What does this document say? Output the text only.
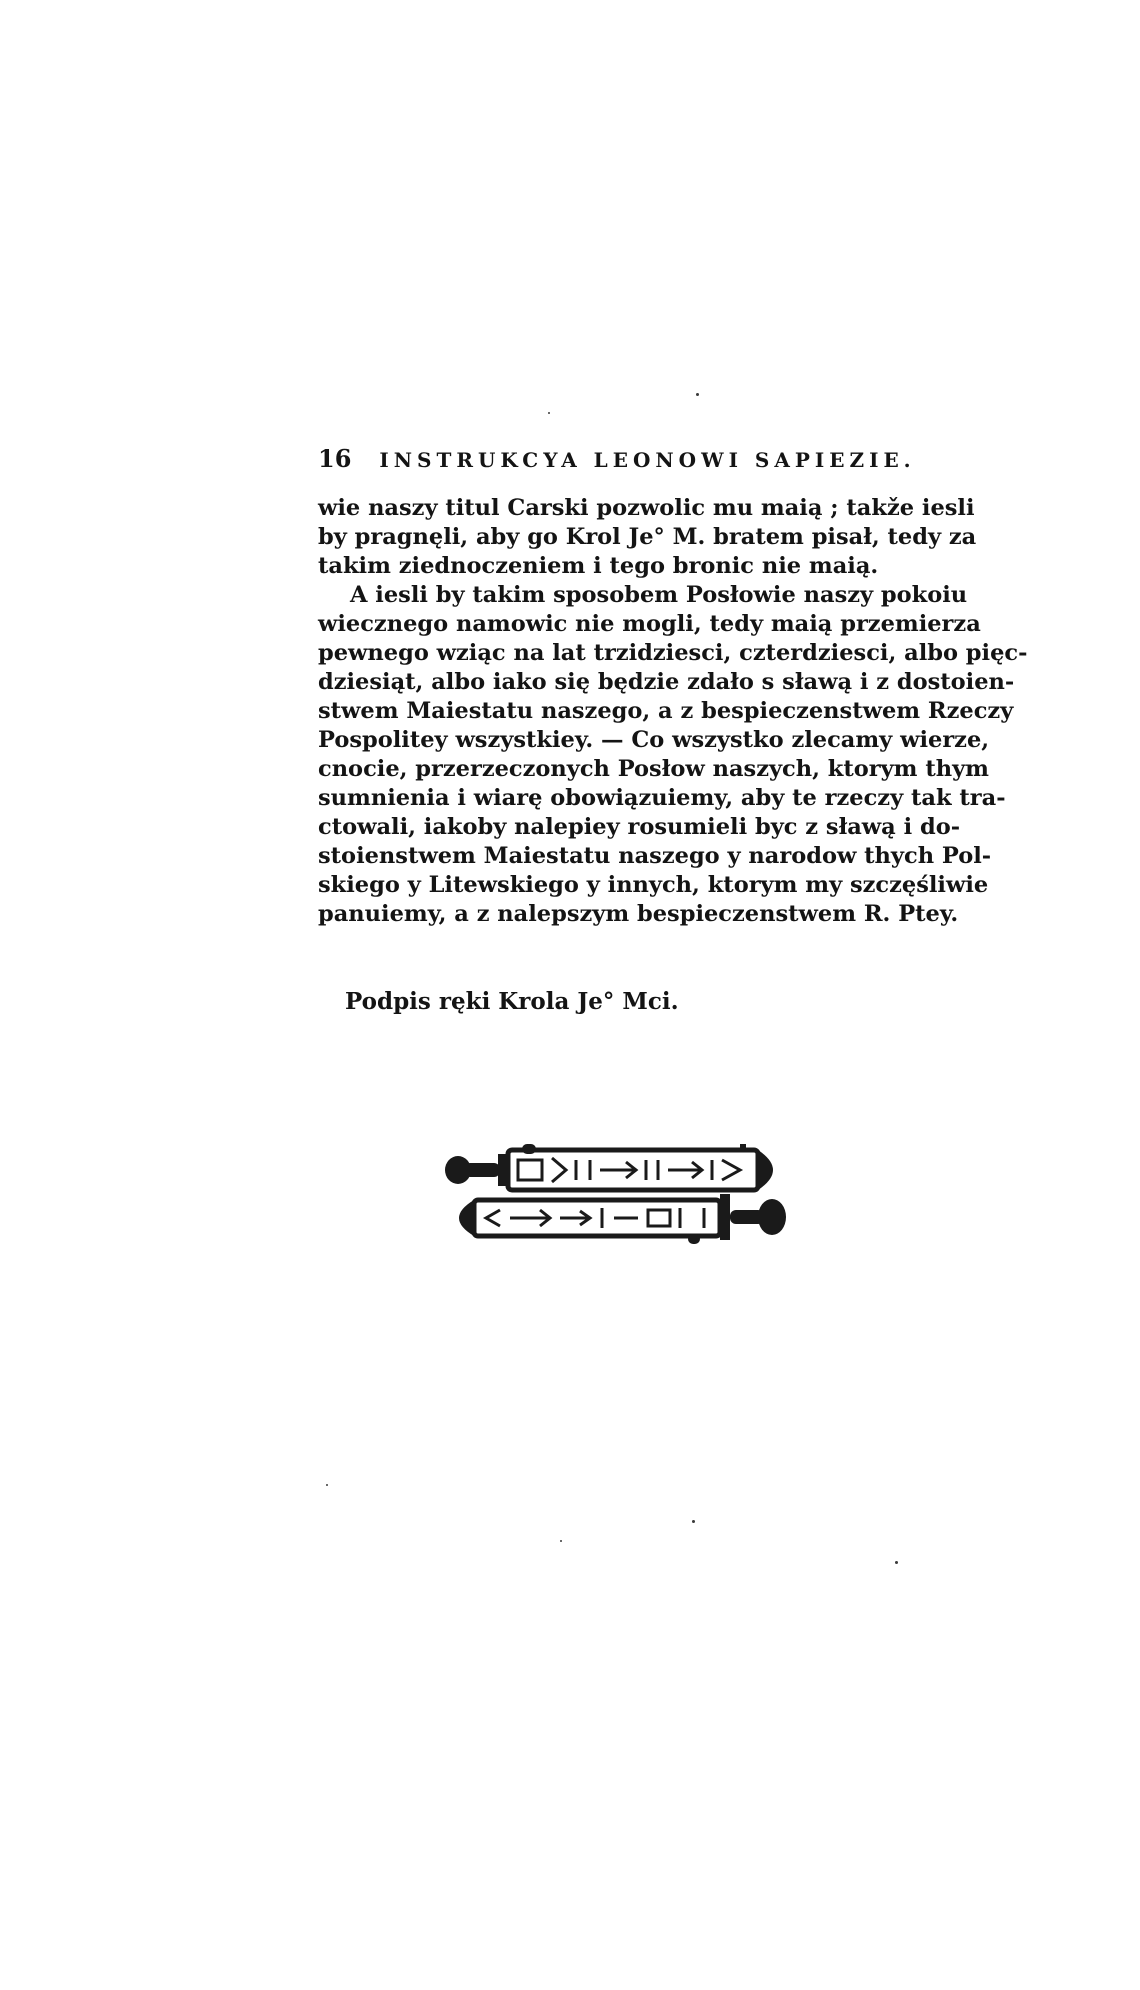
16 INSTRUKCYA LEONOWI SAPIEZIE.
wie naszy titul Carski pozwolic mu maią ; takže iesli
by pragnęli, aby go Krol Je° M. bratem pisał, tedy za
takim ziednoczeniem i tego bronic nie maią.
A iesli by takim sposobem Posłowie naszy pokoiu
wiecznego namowic nie mogli, tedy maią przemierza
pewnego wziąc na lat trzidziesci, czterdziesci, albo pięc-
dziesiąt, albo iako się będzie zdało s sławą i z dostoien-
stwem Maiestatu naszego, a z bespieczenstwem Rzeczy
Pospolitey wszystkiey. — Co wszystko zlecamy wierze,
cnocie, przerzeczonych Posłow naszych, ktorym thym
sumnienia i wiarę obowiązuiemy, aby te rzeczy tak tra-
ctowali, iakoby nalepiey rosumieli byc z sławą i do-
stoienstwem Maiestatu naszego y narodow thych Pol-
skiego y Litewskiego y innych, ktorym my szczęśliwie
panuiemy, a z nalepszym bespieczenstwem R. Ptey.
Podpis ręki Krola Je° Mci.
